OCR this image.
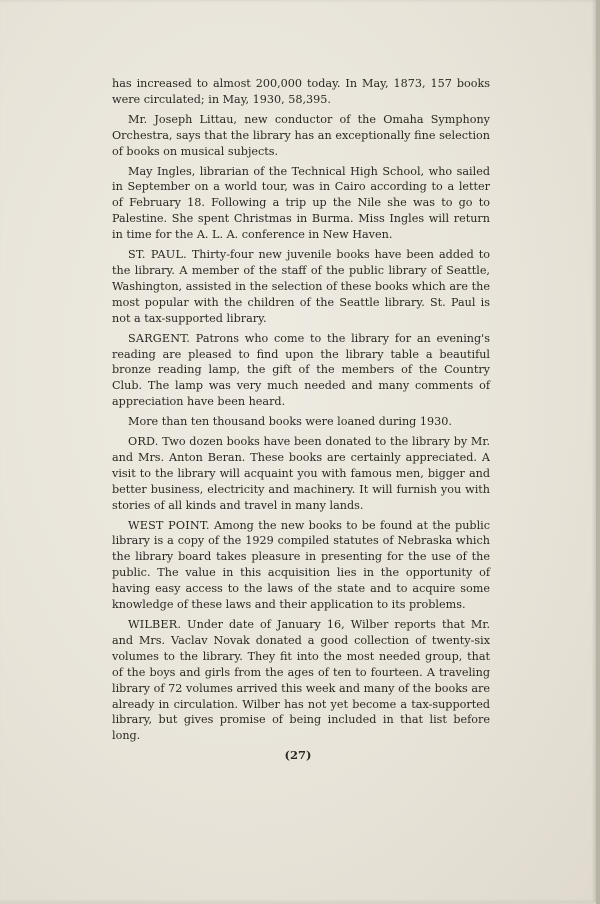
has increased to almost 200,000 today. In May, 1873, 157 books were circulated; in May, 1930, 58,395.

Mr. Joseph Littau, new conductor of the Omaha Symphony Orchestra, says that the library has an exceptionally fine selection of books on musical subjects.

May Ingles, librarian of the Technical High School, who sailed in September on a world tour, was in Cairo according to a letter of February 18. Following a trip up the Nile she was to go to Palestine. She spent Christmas in Burma. Miss Ingles will return in time for the A. L. A. conference in New Haven.

ST. PAUL. Thirty-four new juvenile books have been added to the library. A member of the staff of the public library of Seattle, Washington, assisted in the selection of these books which are the most popular with the children of the Seattle library. St. Paul is not a tax-supported library.

SARGENT. Patrons who come to the library for an evening's reading are pleased to find upon the library table a beautiful bronze reading lamp, the gift of the members of the Country Club. The lamp was very much needed and many comments of appreciation have been heard.

More than ten thousand books were loaned during 1930.

ORD. Two dozen books have been donated to the library by Mr. and Mrs. Anton Beran. These books are certainly appreciated. A visit to the library will acquaint you with famous men, bigger and better business, electricity and machinery. It will furnish you with stories of all kinds and travel in many lands.

WEST POINT. Among the new books to be found at the public library is a copy of the 1929 compiled statutes of Nebraska which the library board takes pleasure in presenting for the use of the public. The value in this acquisition lies in the opportunity of having easy access to the laws of the state and to acquire some knowledge of these laws and their application to its problems.

WILBER. Under date of January 16, Wilber reports that Mr. and Mrs. Vaclav Novak donated a good collection of twenty-six volumes to the library. They fit into the most needed group, that of the boys and girls from the ages of ten to fourteen. A traveling library of 72 volumes arrived this week and many of the books are already in circulation. Wilber has not yet become a tax-supported library, but gives promise of being included in that list before long.

(27)
